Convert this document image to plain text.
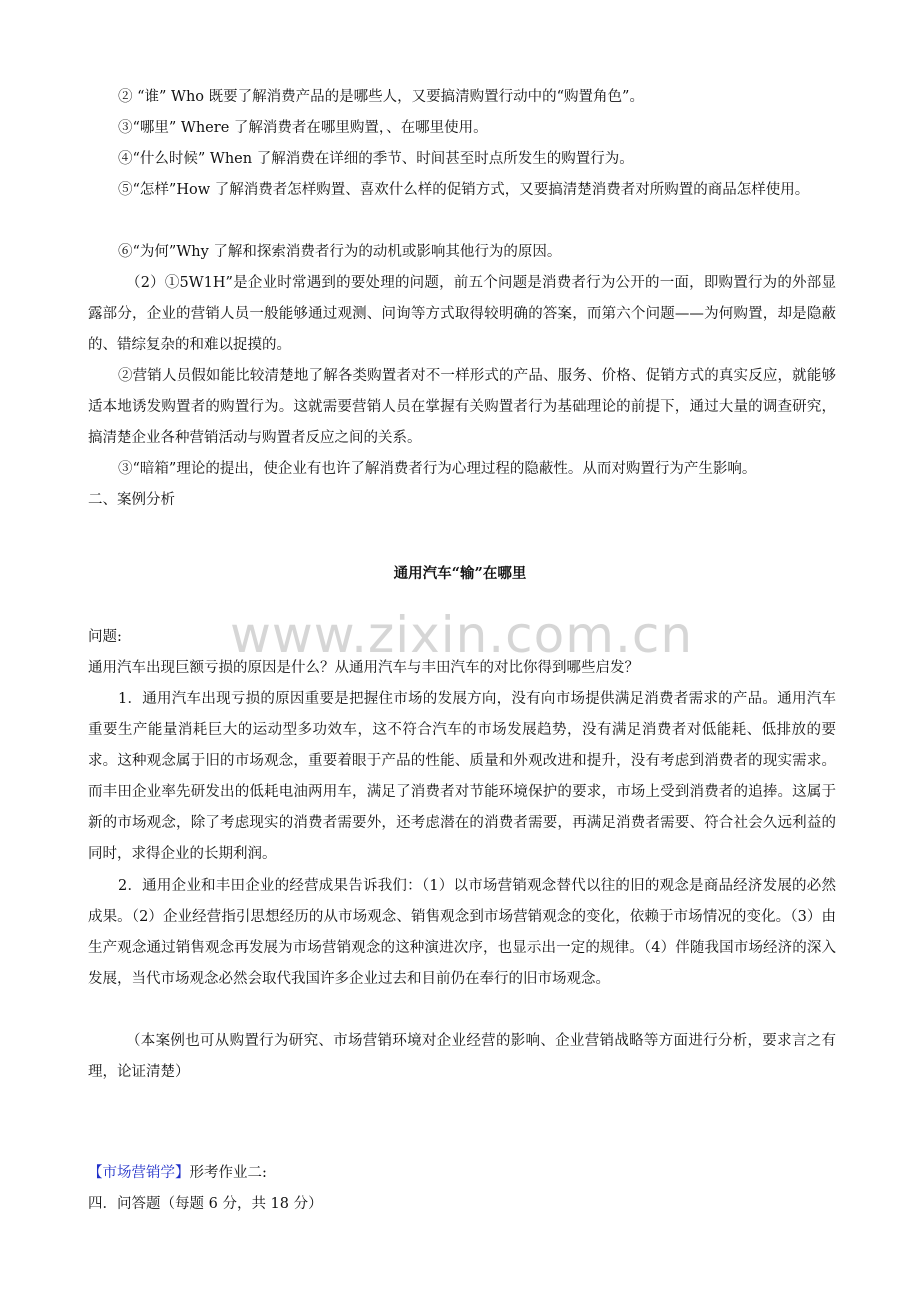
www.zixin.com.cn

② “谁” Who 既要了解消费产品的是哪些人，又要搞清购置行动中的“购置角色”。

③“哪里” Where 了解消费者在哪里购置，、在哪里使用。

④“什么时候” When 了解消费在详细的季节、时间甚至时点所发生的购置行为。

⑤“怎样”How 了解消费者怎样购置、喜欢什么样的促销方式，又要搞清楚消费者对所购置的商品怎样使用。

⑥“为何”Why 了解和探索消费者行为的动机或影响其他行为的原因。

（2）①5W1H”是企业时常遇到的要处理的问题，前五个问题是消费者行为公开的一面，即购置行为的外部显露部分，企业的营销人员一般能够通过观测、问询等方式取得较明确的答案，而第六个问题——为何购置，却是隐蔽的、错综复杂的和难以捉摸的。

②营销人员假如能比较清楚地了解各类购置者对不一样形式的产品、服务、价格、促销方式的真实反应，就能够适本地诱发购置者的购置行为。这就需要营销人员在掌握有关购置者行为基础理论的前提下，通过大量的调查研究，搞清楚企业各种营销活动与购置者反应之间的关系。

③“暗箱”理论的提出，使企业有也许了解消费者行为心理过程的隐蔽性。从而对购置行为产生影响。

二、案例分析

通用汽车“输”在哪里

问题:

通用汽车出现巨额亏损的原因是什么？从通用汽车与丰田汽车的对比你得到哪些启发？

1．通用汽车出现亏损的原因重要是把握住市场的发展方向，没有向市场提供满足消费者需求的产品。通用汽车重要生产能量消耗巨大的运动型多功效车，这不符合汽车的市场发展趋势，没有满足消费者对低能耗、低排放的要求。这种观念属于旧的市场观念，重要着眼于产品的性能、质量和外观改进和提升，没有考虑到消费者的现实需求。而丰田企业率先研发出的低耗电油两用车，满足了消费者对节能环境保护的要求，市场上受到消费者的追捧。这属于新的市场观念，除了考虑现实的消费者需要外，还考虑潜在的消费者需要，再满足消费者需要、符合社会久远利益的同时，求得企业的长期利润。

2．通用企业和丰田企业的经营成果告诉我们：（1）以市场营销观念替代以往的旧的观念是商品经济发展的必然成果。（2）企业经营指引思想经历的从市场观念、销售观念到市场营销观念的变化，依赖于市场情况的变化。（3）由生产观念通过销售观念再发展为市场营销观念的这种演进次序，也显示出一定的规律。（4）伴随我国市场经济的深入发展，当代市场观念必然会取代我国许多企业过去和目前仍在奉行的旧市场观念。

（本案例也可从购置行为研究、市场营销环境对企业经营的影响、企业营销战略等方面进行分析，要求言之有理，论证清楚）

【市场营销学】形考作业二:

四．问答题（每题 6 分，共 18 分）
